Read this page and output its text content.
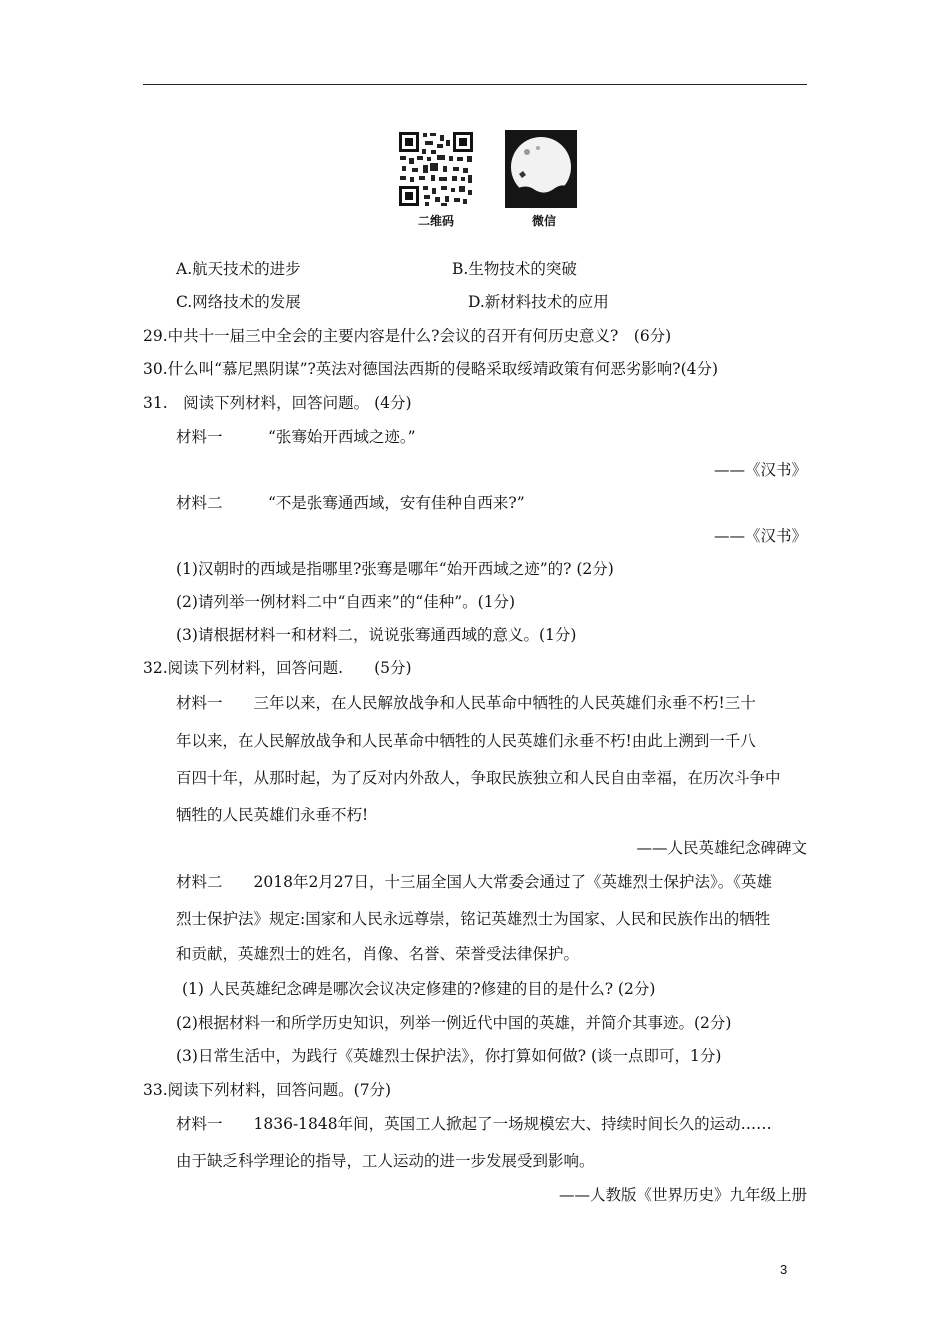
二维码	微信
A.航天技术的进步	B.生物技术的突破
C.网络技术的发展	D.新材料技术的应用
29.中共十一届三中全会的主要内容是什么?会议的召开有何历史意义?　(6分)
30.什么叫“慕尼黑阴谋”?英法对德国法西斯的侵略采取绥靖政策有何恶劣影响?(4分)
31.　阅读下列材料，回答问题。 (4分)
材料一	“张骞始开西域之迹。”
——《汉书》
材料二	“不是张骞通西域，安有佳种自西来?”
——《汉书》
(1)汉朝时的西域是指哪里?张骞是哪年“始开西域之迹”的? (2分)
(2)请列举一例材料二中“自西来”的“佳种”。(1分)
(3)请根据材料一和材料二，说说张骞通西域的意义。(1分)
32.阅读下列材料，回答问题.　　(5分)
材料一　　三年以来，在人民解放战争和人民革命中牺牲的人民英雄们永垂不朽!三十
年以来，在人民解放战争和人民革命中牺牲的人民英雄们永垂不朽!由此上溯到一千八
百四十年，从那时起，为了反对内外敌人，争取民族独立和人民自由幸福，在历次斗争中
牺牲的人民英雄们永垂不朽!
——人民英雄纪念碑碑文
材料二　　2018年2月27日，十三届全国人大常委会通过了《英雄烈士保护法》。《英雄
烈士保护法》规定:国家和人民永远尊崇，铭记英雄烈士为国家、人民和民族作出的牺牲
和贡献，英雄烈士的姓名，肖像、名誉、荣誉受法律保护。
(1) 人民英雄纪念碑是哪次会议决定修建的?修建的目的是什么? (2分)
(2)根据材料一和所学历史知识，列举一例近代中国的英雄，并简介其事迹。(2分)
(3)日常生活中，为践行《英雄烈士保护法》，你打算如何做? (谈一点即可，1分)
33.阅读下列材料，回答问题。(7分)
材料一　　1836-1848年间，英国工人掀起了一场规模宏大、持续时间长久的运动……
由于缺乏科学理论的指导，工人运动的进一步发展受到影响。
——人教版《世界历史》九年级上册
3
